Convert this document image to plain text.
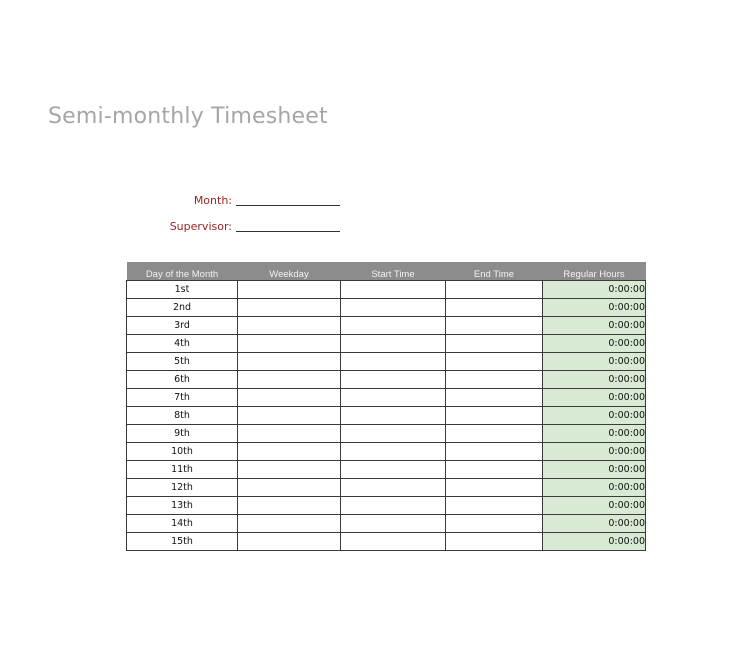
Semi-monthly Timesheet
Month:
Supervisor:
Day of the Month	Weekday	Start Time	End Time	Regular Hours
1st				0:00:00
2nd				0:00:00
3rd				0:00:00
4th				0:00:00
5th				0:00:00
6th				0:00:00
7th				0:00:00
8th				0:00:00
9th				0:00:00
10th				0:00:00
11th				0:00:00
12th				0:00:00
13th				0:00:00
14th				0:00:00
15th				0:00:00
